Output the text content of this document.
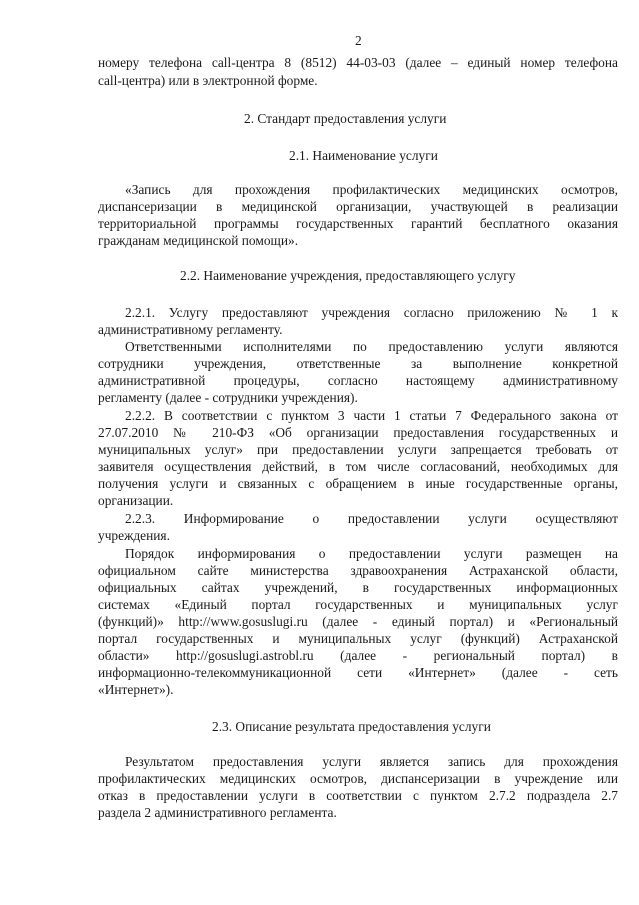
2
номеру телефона call-центра 8 (8512) 44-03-03 (далее – единый номер телефона
call-центра) или в электронной форме.
2. Стандарт предоставления услуги
2.1. Наименование услуги
«Запись для прохождения профилактических медицинских осмотров,
диспансеризации в медицинской организации, участвующей в реализации
территориальной программы государственных гарантий бесплатного оказания
гражданам медицинской помощи».
2.2. Наименование учреждения, предоставляющего услугу
2.2.1. Услугу предоставляют учреждения согласно приложению № 1 к
административному регламенту.
Ответственными исполнителями по предоставлению услуги являются
сотрудники учреждения, ответственные за выполнение конкретной
административной процедуры, согласно настоящему административному
регламенту (далее - сотрудники учреждения).
2.2.2. В соответствии с пунктом 3 части 1 статьи 7 Федерального закона от
27.07.2010 № 210-ФЗ «Об организации предоставления государственных и
муниципальных услуг» при предоставлении услуги запрещается требовать от
заявителя осуществления действий, в том числе согласований, необходимых для
получения услуги и связанных с обращением в иные государственные органы,
организации.
2.2.3. Информирование о предоставлении услуги осуществляют
учреждения.
Порядок информирования о предоставлении услуги размещен на
официальном сайте министерства здравоохранения Астраханской области,
официальных сайтах учреждений, в государственных информационных
системах «Единый портал государственных и муниципальных услуг
(функций)» http://www.gosuslugi.ru (далее - единый портал) и «Региональный
портал государственных и муниципальных услуг (функций) Астраханской
области» http://gosuslugi.astrobl.ru (далее - региональный портал) в
информационно-телекоммуникационной сети «Интернет» (далее - сеть
«Интернет»).
2.3. Описание результата предоставления услуги
Результатом предоставления услуги является запись для прохождения
профилактических медицинских осмотров, диспансеризации в учреждение или
отказ в предоставлении услуги в соответствии с пунктом 2.7.2 подраздела 2.7
раздела 2 административного регламента.
